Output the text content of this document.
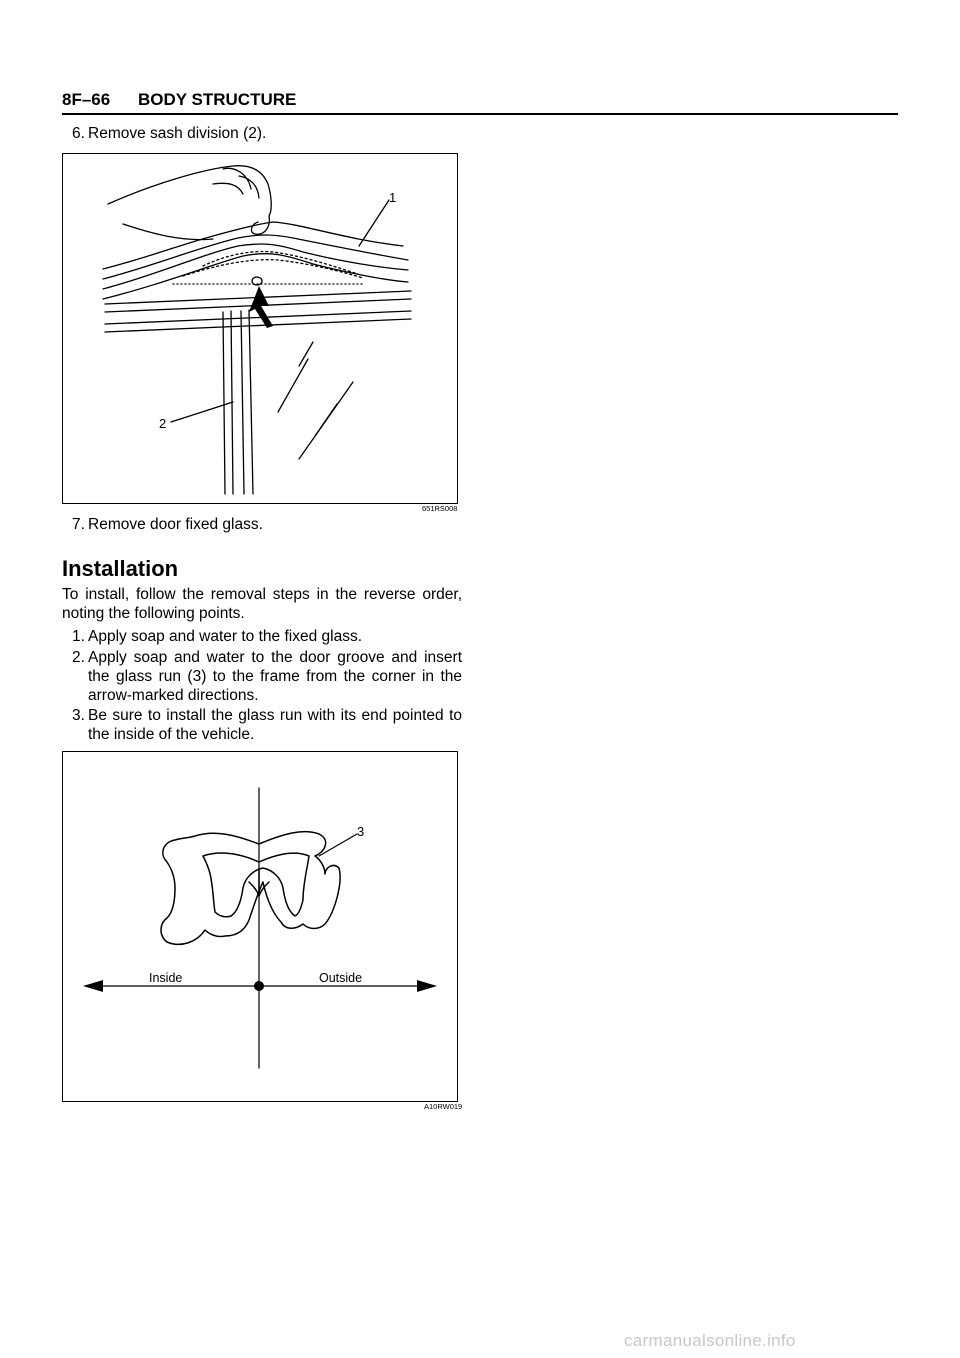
8F–66 BODY STRUCTURE
6. Remove sash division (2).
1
2
651RS008
7. Remove door fixed glass.
Installation
To install, follow the removal steps in the reverse order, noting the following points.
1. Apply soap and water to the fixed glass.
2. Apply soap and water to the door groove and insert the glass run (3) to the frame from the corner in the arrow-marked directions.
3. Be sure to install the glass run with its end pointed to the inside of the vehicle.
3
Inside	Outside
A10RW019
carmanualsonline.info
